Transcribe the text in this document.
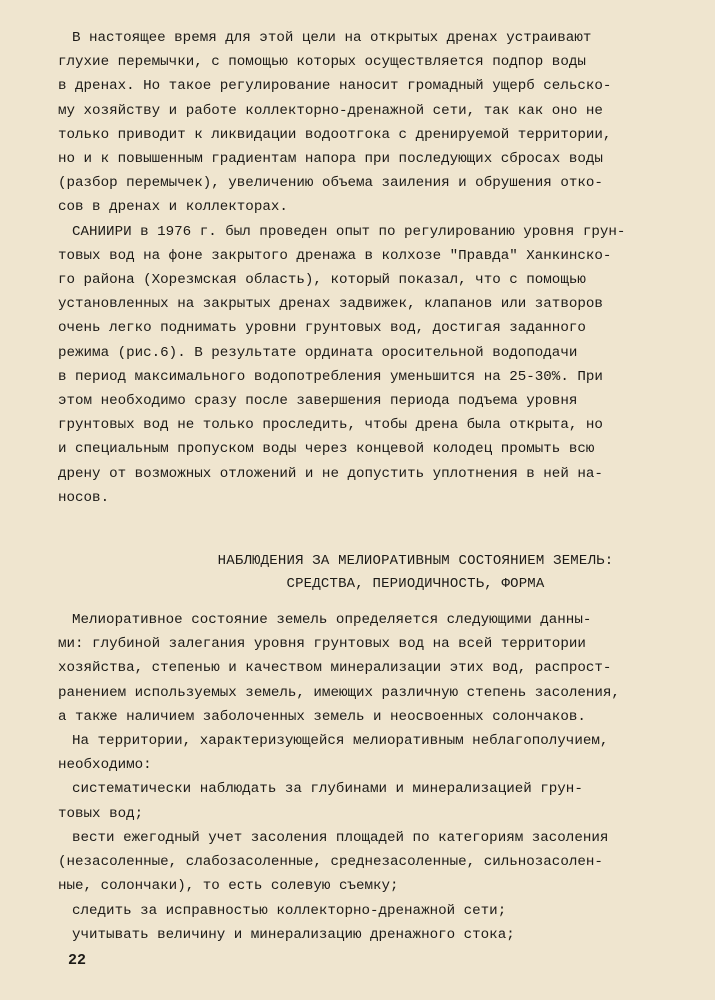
В настоящее время для этой цели на открытых дренах устраивают
глухие перемычки, с помощью которых осуществляется подпор воды
в дренах. Но такое регулирование наносит громадный ущерб сельско-
му хозяйству и работе коллекторно-дренажной сети, так как оно не
только приводит к ликвидации водоотгока с дренируемой территории,
но и к повышенным градиентам напора при последующих сбросах воды
(разбор перемычек), увеличению объема заиления и обрушения отко-
сов в дренах и коллекторах.
САНИИРИ в 1976 г. был проведен опыт по регулированию уровня грун-
товых вод на фоне закрытого дренажа в колхозе "Правда" Ханкинско-
го района (Хорезмская область), который показал, что с помощью
установленных на закрытых дренах задвижек, клапанов или затворов
очень легко поднимать уровни грунтовых вод, достигая заданного
режима (рис.6). В результате ордината оросительной водоподачи
в период максимального водопотребления уменьшится на 25-30%. При
этом необходимо сразу после завершения периода подъема уровня
грунтовых вод не только проследить, чтобы дрена была открыта, но
и специальным пропуском воды через концевой колодец промыть всю
дрену от возможных отложений и не допустить уплотнения в ней на-
носов.
НАБЛЮДЕНИЯ ЗА МЕЛИОРАТИВНЫМ СОСТОЯНИЕМ ЗЕМЕЛЬ:
СРЕДСТВА, ПЕРИОДИЧНОСТЬ, ФОРМА
Мелиоративное состояние земель определяется следующими данны-
ми: глубиной залегания уровня грунтовых вод на всей территории
хозяйства, степенью и качеством минерализации этих вод, распрост-
ранением используемых земель, имеющих различную степень засоления,
а также наличием заболоченных земель и неосвоенных солончаков.
На территории, характеризующейся мелиоративным неблагополучием,
необходимо:
систематически наблюдать за глубинами и минерализацией грун-
товых вод;
вести ежегодный учет засоления площадей по категориям засоления
(незасоленные, слабозасоленные, среднезасоленные, сильнозасолен-
ные, солончаки), то есть солевую съемку;
следить за исправностью коллекторно-дренажной сети;
учитывать величину и минерализацию дренажного стока;
22
